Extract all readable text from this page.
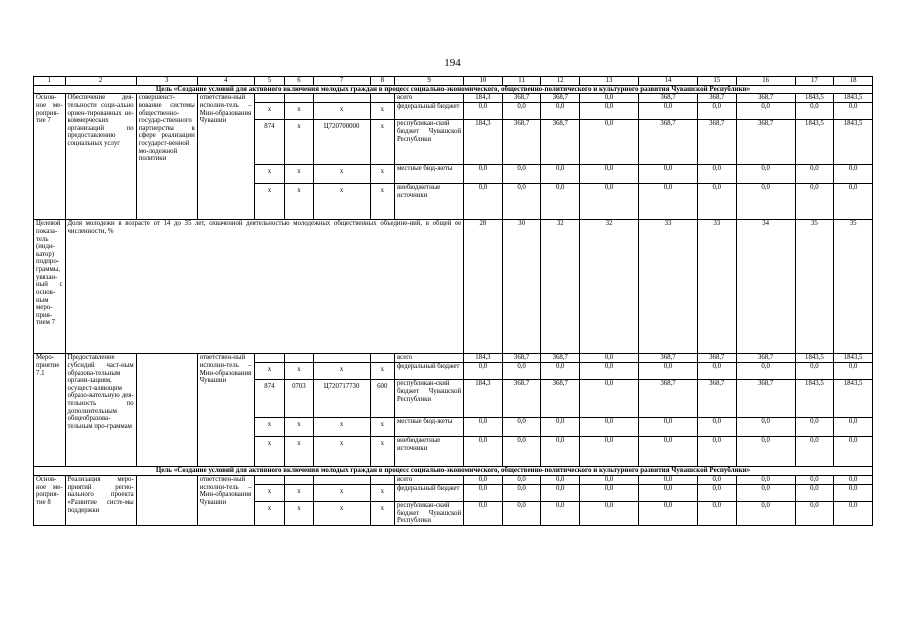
194
1	2	3	4	5	6	7	8	9	10	11	12	13	14	15	16	17	18
Цель «Создание условий для активного включения молодых граждан в процесс социально-экономического, общественно-политического и культурного развития Чувашской Республики»																	
Основ-ное ме-роприя-тие 7	Обеспечение дея-тельности соци-ально ориен-тированных не-коммерческих организаций по предоставлению социальных услуг	совершенст-вование системы общественно-государ-ственного партнерства в сфере реализации государст-венной мо-лодежной политики	ответствен-ный исполни-тель – Мин-образования Чувашии					всего	184,3	368,7	368,7	0,0	368,7	368,7	368,7	1843,5	1843,5
				x	x	x	x	федеральный бюджет	0,0	0,0	0,0	0,0	0,0	0,0	0,0	0,0	0,0
				874	x	Ц720700000	x	республикан-ский бюджет Чувашской Республики	184,3	368,7	368,7	0,0	368,7	368,7	368,7	1843,5	1843,5
				x	x	x	x	местные бюд-жеты	0,0	0,0	0,0	0,0	0,0	0,0	0,0	0,0	0,0
				x	x	x	x	внебюджетные источники	0,0	0,0	0,0	0,0	0,0	0,0	0,0	0,0	0,0
Целевой показа-тель (инди-катор) подпро-граммы, увязан-ный с основ-ным меро-прия-тием 7	Доля молодежи в возрасте от 14 до 35 лет, охваченной деятельностью молодежных общественных объедине-ний, в общей ее численности, %								28	30	32	32	33	33	34	35	35
Меро-приятие 7.1	Предоставление субсидий част-ным образова-тельным органи-зациям, осущест-вляющим образо-вательную дея-тельность по дополнительным общеобразова-тельным про-граммам		ответствен-ный исполни-тель – Мин-образования Чувашии					всего	184,3	368,7	368,7	0,0	368,7	368,7	368,7	1843,5	1843,5
				x	x	x	x	федеральный бюджет	0,0	0,0	0,0	0,0	0,0	0,0	0,0	0,0	0,0
				874	0703	Ц720717730	600	республикан-ский бюджет Чувашской Республики	184,3	368,7	368,7	0,0	368,7	368,7	368,7	1843,5	1843,5
				x	x	x	x	местные бюд-жеты	0,0	0,0	0,0	0,0	0,0	0,0	0,0	0,0	0,0
				x	x	x	x	внебюджетные источники	0,0	0,0	0,0	0,0	0,0	0,0	0,0	0,0	0,0
Цель «Создание условий для активного включения молодых граждан в процесс социально-экономического, общественно-политического и культурного развития Чувашской Республики»																	
Основ-ное ме-роприя-тие 8	Реализация меро-приятий регио-нального проекта «Развитие систе-мы поддержки		ответствен-ный исполни-тель – Мин-образования Чувашии					всего	0,0	0,0	0,0	0,0	0,0	0,0	0,0	0,0	0,0
				x	x	x	x	федеральный бюджет	0,0	0,0	0,0	0,0	0,0	0,0	0,0	0,0	0,0
				x	x	x	x	республикан-ский бюджет Чувашской Республики	0,0	0,0	0,0	0,0	0,0	0,0	0,0	0,0	0,0
